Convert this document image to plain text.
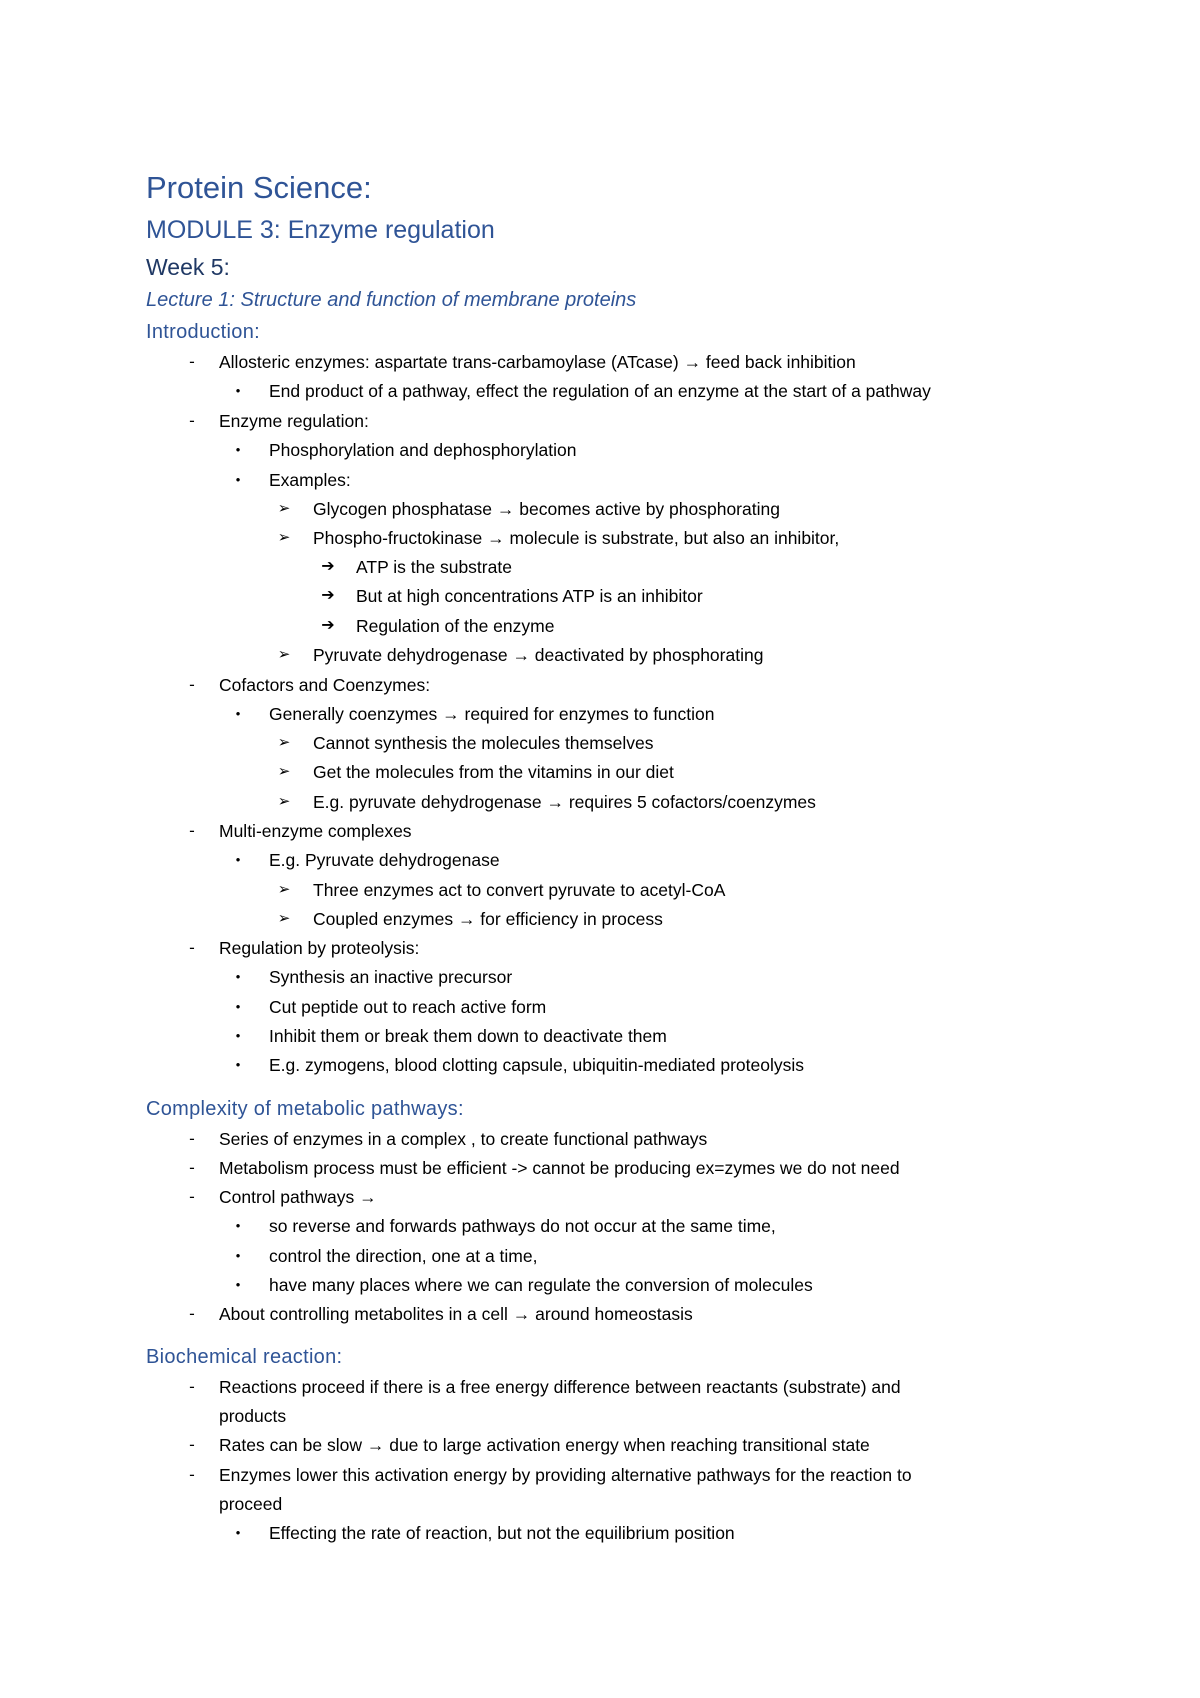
Protein Science:
MODULE 3: Enzyme regulation
Week 5:
Lecture 1: Structure and function of membrane proteins
Introduction:
-	Allosteric enzymes: aspartate trans-carbamoylase (ATcase) → feed back inhibition
•	End product of a pathway, effect the regulation of an enzyme at the start of a pathway
-	Enzyme regulation:
•	Phosphorylation and dephosphorylation
•	Examples:
➢ Glycogen phosphatase → becomes active by phosphorating
➢ Phospho-fructokinase → molecule is substrate, but also an inhibitor,
➔ ATP is the substrate
➔ But at high concentrations ATP is an inhibitor
➔ Regulation of the enzyme
➢ Pyruvate dehydrogenase → deactivated by phosphorating
-	Cofactors and Coenzymes:
•	Generally coenzymes → required for enzymes to function
➢ Cannot synthesis the molecules themselves
➢ Get the molecules from the vitamins in our diet
➢ E.g. pyruvate dehydrogenase → requires 5 cofactors/coenzymes
-	Multi-enzyme complexes
•	E.g. Pyruvate dehydrogenase
➢ Three enzymes act to convert pyruvate to acetyl-CoA
➢ Coupled enzymes → for efficiency in process
-	Regulation by proteolysis:
•	Synthesis an inactive precursor
•	Cut peptide out to reach active form
•	Inhibit them or break them down to deactivate them
•	E.g. zymogens, blood clotting capsule, ubiquitin-mediated proteolysis
Complexity of metabolic pathways:
-	Series of enzymes in a complex , to create functional pathways
-	Metabolism process must be efficient -> cannot be producing ex=zymes we do not need
-	Control pathways →
•	so reverse and forwards pathways do not occur at the same time,
•	control the direction, one at a time,
•	have many places where we can regulate the conversion of molecules
-	About controlling metabolites in a cell → around homeostasis
Biochemical reaction:
-	Reactions proceed if there is a free energy difference between reactants (substrate) and
products
-	Rates can be slow → due to large activation energy when reaching transitional state
-	Enzymes lower this activation energy by providing alternative pathways for the reaction to
proceed
•	Effecting the rate of reaction, but not the equilibrium position
